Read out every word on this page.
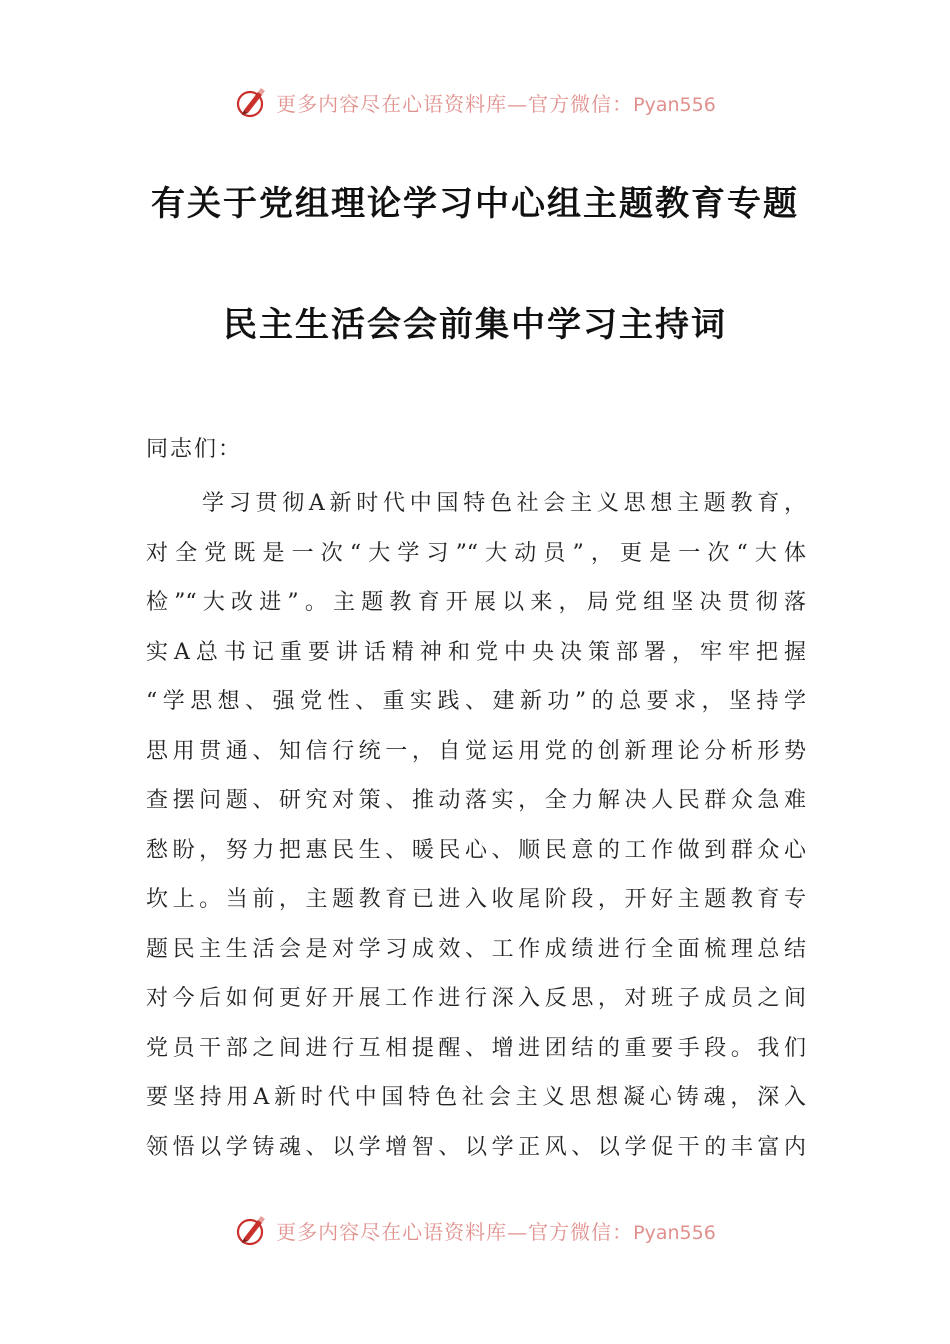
更多内容尽在心语资料库—官方微信：Pyan556
有关于党组理论学习中心组主题教育专题
民主生活会会前集中学习主持词
同志们：
学习贯彻A新时代中国特色社会主义思想主题教育，
对全党既是一次“大学习”“大动员”，更是一次“大体
检”“大改进”。主题教育开展以来，局党组坚决贯彻落
实A总书记重要讲话精神和党中央决策部署，牢牢把握
“学思想、强党性、重实践、建新功”的总要求，坚持学
思用贯通、知信行统一，自觉运用党的创新理论分析形势
查摆问题、研究对策、推动落实，全力解决人民群众急难
愁盼，努力把惠民生、暖民心、顺民意的工作做到群众心
坎上。当前，主题教育已进入收尾阶段，开好主题教育专
题民主生活会是对学习成效、工作成绩进行全面梳理总结
对今后如何更好开展工作进行深入反思，对班子成员之间
党员干部之间进行互相提醒、增进团结的重要手段。我们
要坚持用A新时代中国特色社会主义思想凝心铸魂，深入
领悟以学铸魂、以学增智、以学正风、以学促干的丰富内
更多内容尽在心语资料库—官方微信：Pyan556
